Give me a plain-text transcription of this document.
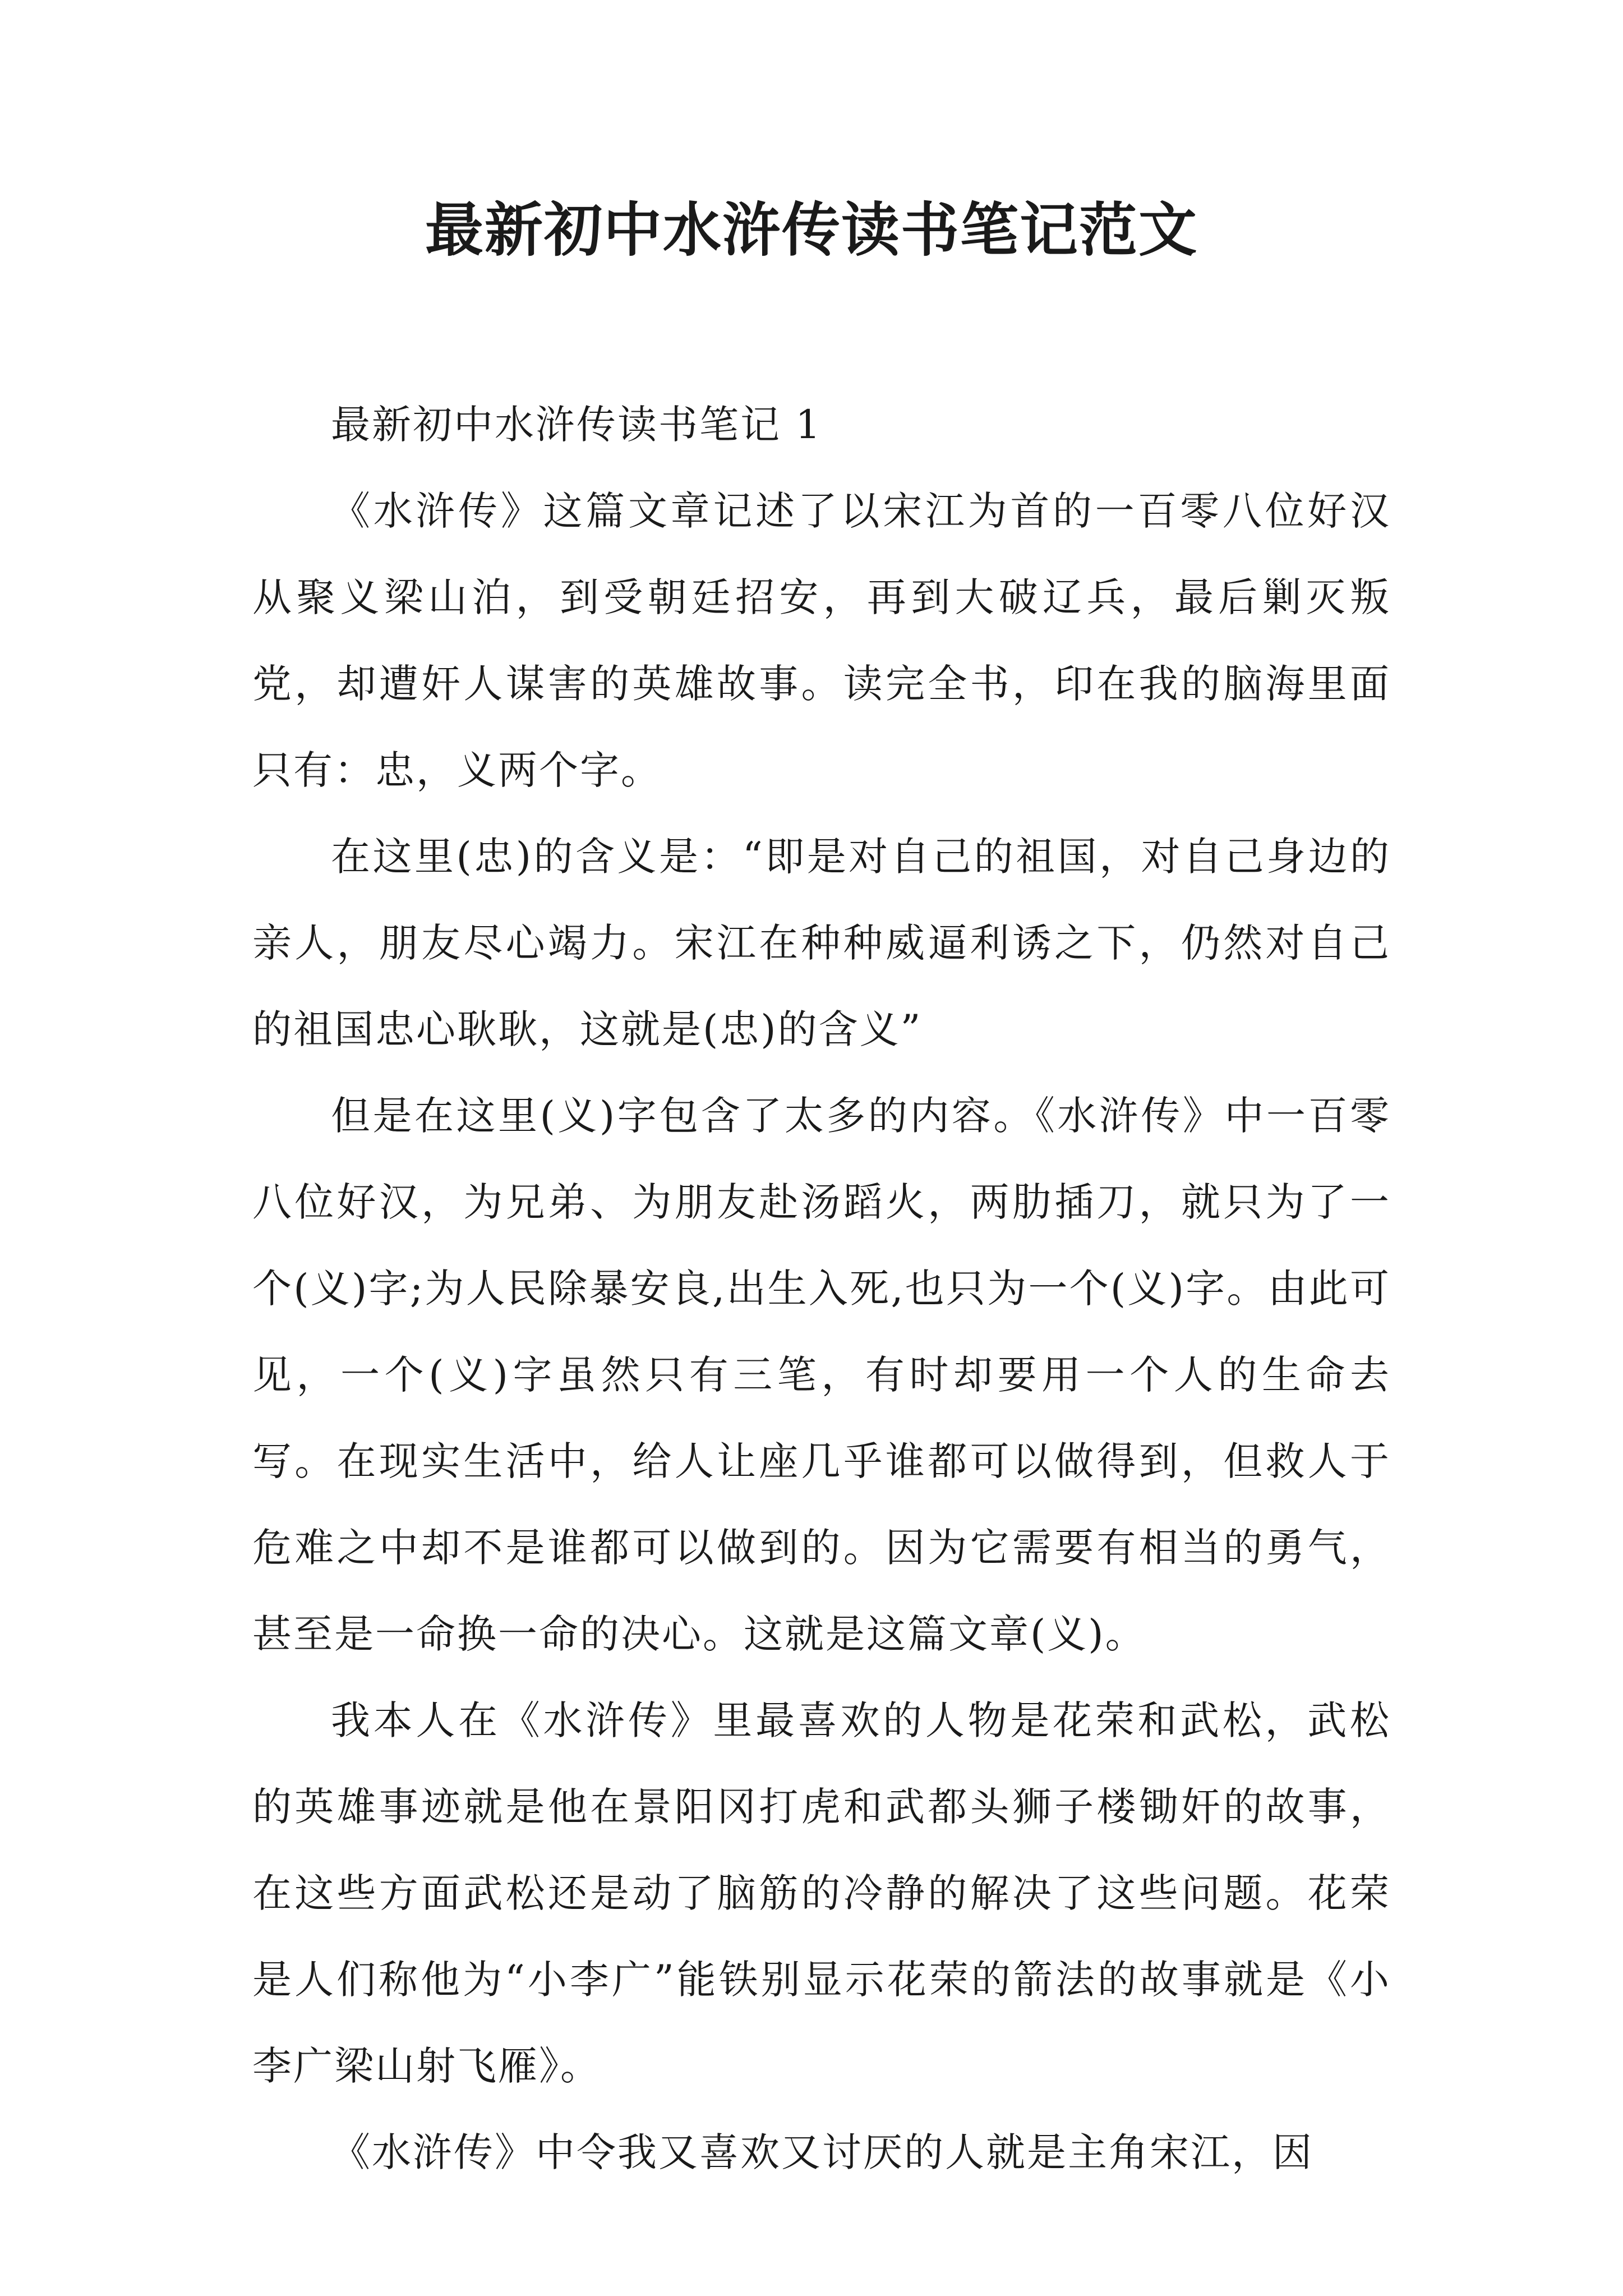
最新初中水浒传读书笔记范文

最新初中水浒传读书笔记 1

《水浒传》这篇文章记述了以宋江为首的一百零八位好汉从聚义梁山泊，到受朝廷招安，再到大破辽兵，最后剿灭叛党，却遭奸人谋害的英雄故事。读完全书，印在我的脑海里面只有：忠，义两个字。

在这里(忠)的含义是：“即是对自己的祖国，对自己身边的亲人，朋友尽心竭力。宋江在种种威逼利诱之下，仍然对自己的祖国忠心耿耿，这就是(忠)的含义”

但是在这里(义)字包含了太多的内容。《水浒传》中一百零八位好汉，为兄弟、为朋友赴汤蹈火，两肋插刀，就只为了一个(义)字;为人民除暴安良,出生入死,也只为一个(义)字。由此可见，一个(义)字虽然只有三笔，有时却要用一个人的生命去写。在现实生活中，给人让座几乎谁都可以做得到，但救人于危难之中却不是谁都可以做到的。因为它需要有相当的勇气，甚至是一命换一命的决心。这就是这篇文章(义)。

我本人在《水浒传》里最喜欢的人物是花荣和武松，武松的英雄事迹就是他在景阳冈打虎和武都头狮子楼锄奸的故事，在这些方面武松还是动了脑筋的冷静的解决了这些问题。花荣是人们称他为“小李广”能铁别显示花荣的箭法的故事就是《小李广梁山射飞雁》。

《水浒传》中令我又喜欢又讨厌的人就是主角宋江，因
